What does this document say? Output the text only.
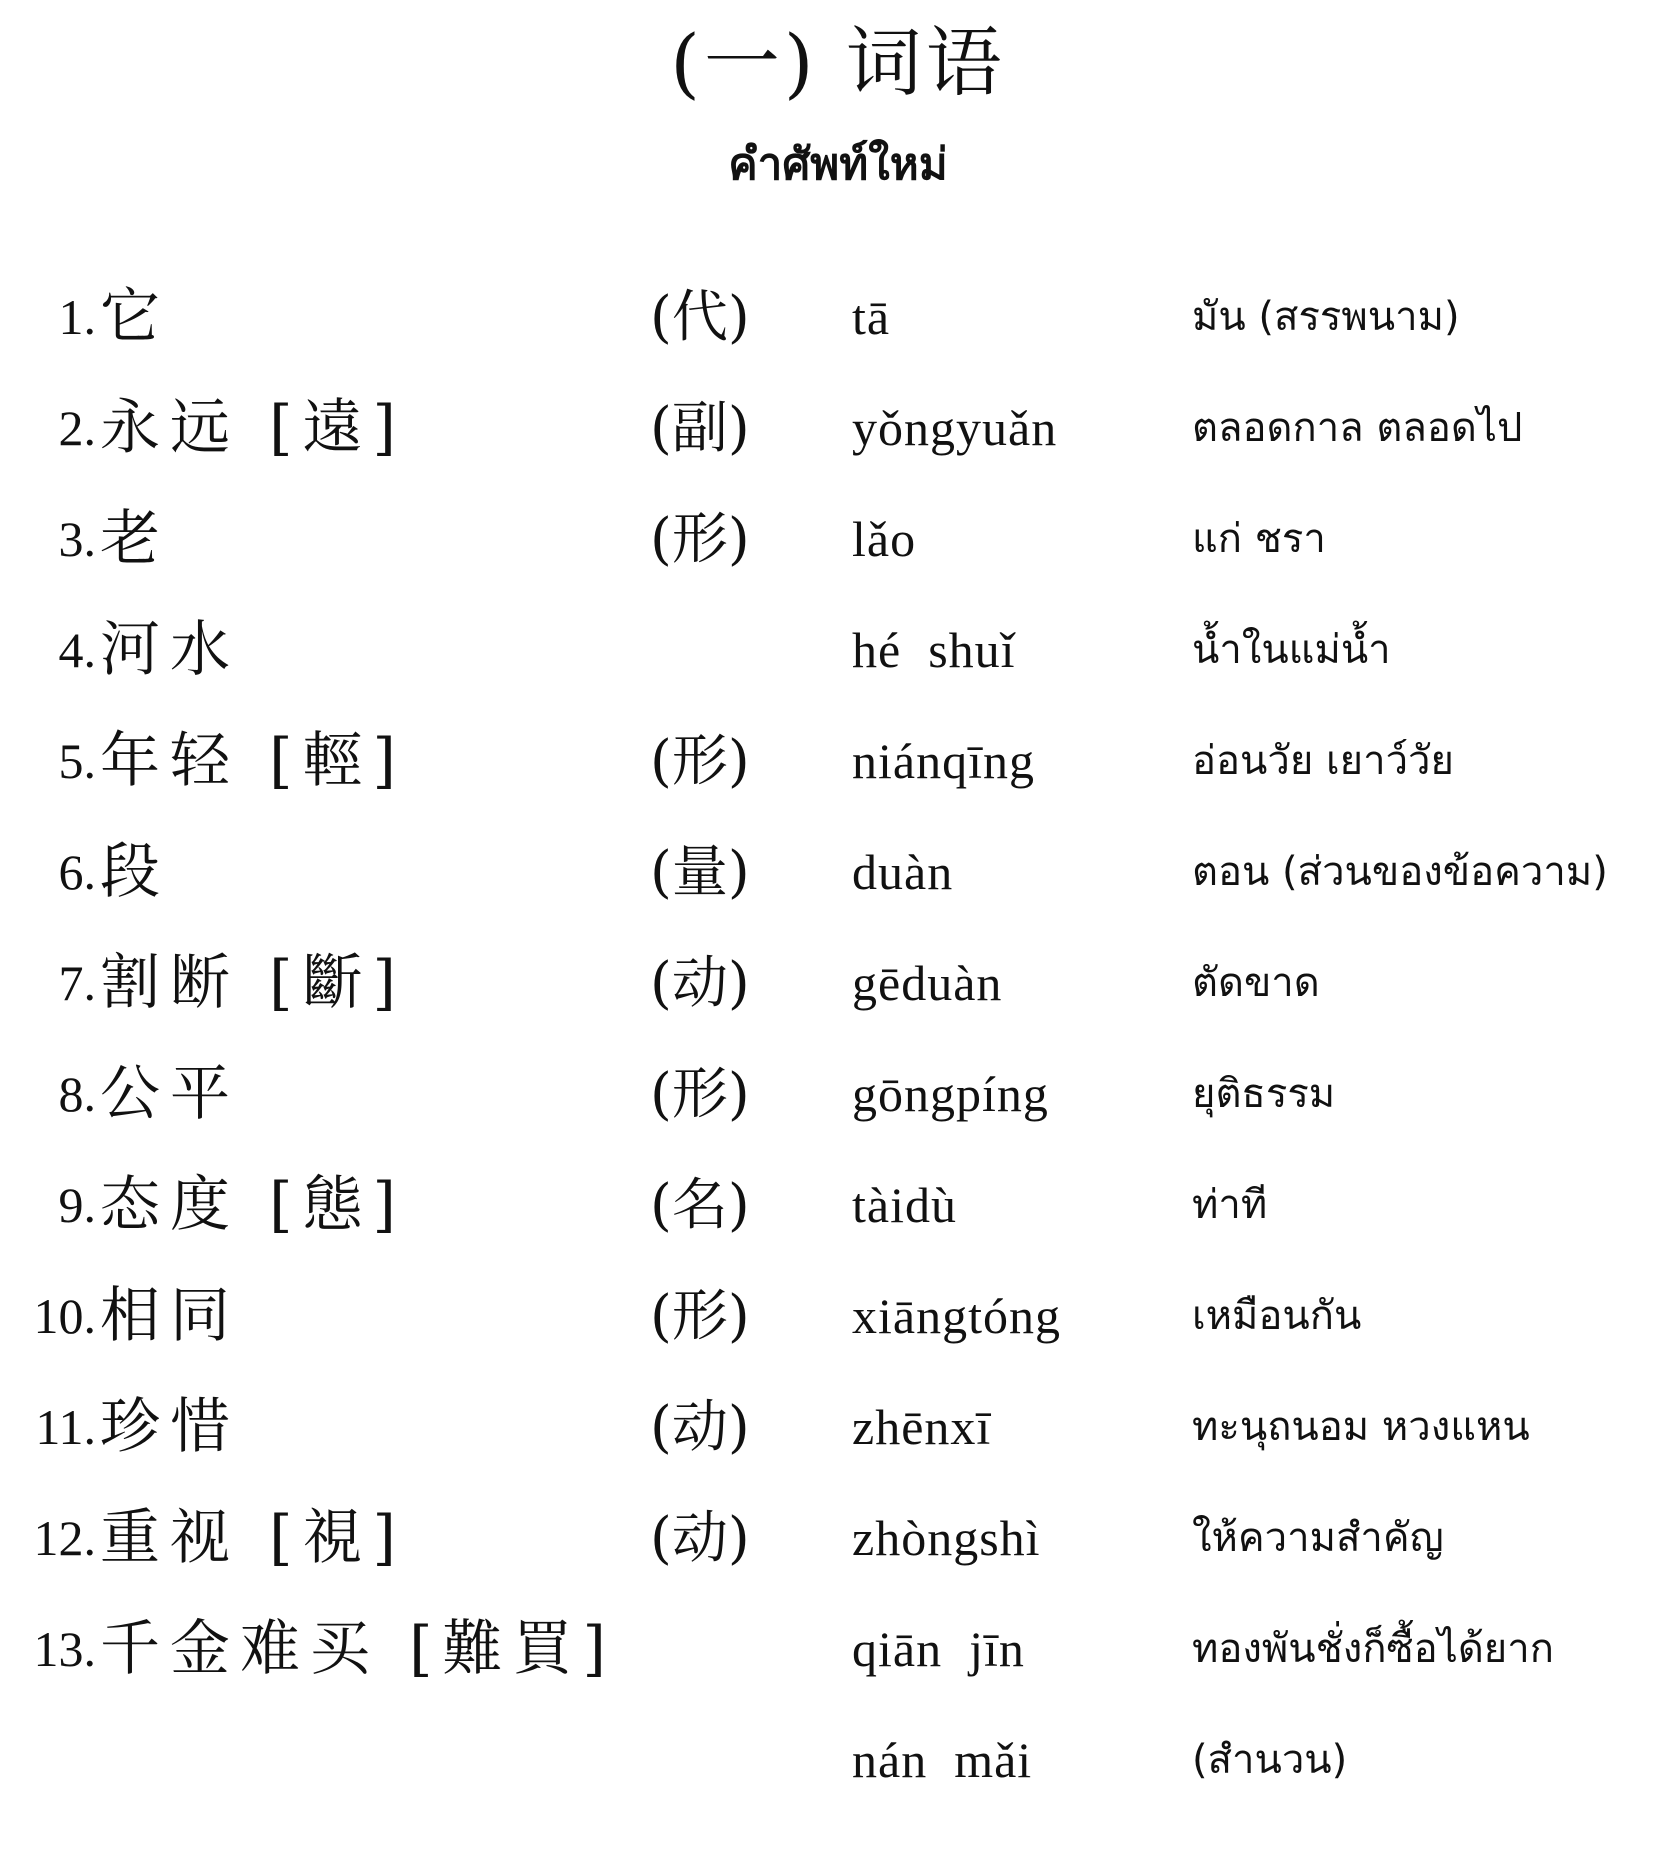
(一) 词语
คำศัพท์ใหม่
1. 它	(代) tā	มัน (สรรพนาม)
2. 永远 [遠]	(副) yǒngyuǎn	ตลอดกาล ตลอดไป
3. 老	(形) lǎo	แก่ ชรา
4. 河水	hé  shuǐ	น้ำในแม่น้ำ
5. 年轻 [輕]	(形) niánqīng	อ่อนวัย เยาว์วัย
6. 段	(量) duàn	ตอน (ส่วนของข้อความ)
7. 割断 [斷]	(动) gēduàn	ตัดขาด
8. 公平	(形) gōngpíng	ยุติธรรม
9. 态度 [態]	(名) tàidù	ท่าที
10. 相同	(形) xiāngtóng	เหมือนกัน
11. 珍惜	(动) zhēnxī	ทะนุถนอม หวงแหน
12. 重视 [視]	(动) zhòngshì	ให้ความสำคัญ
13. 千金难买 [難買]	qiān  jīn	ทองพันชั่งก็ซื้อได้ยาก
nán  mǎi	(สำนวน)
